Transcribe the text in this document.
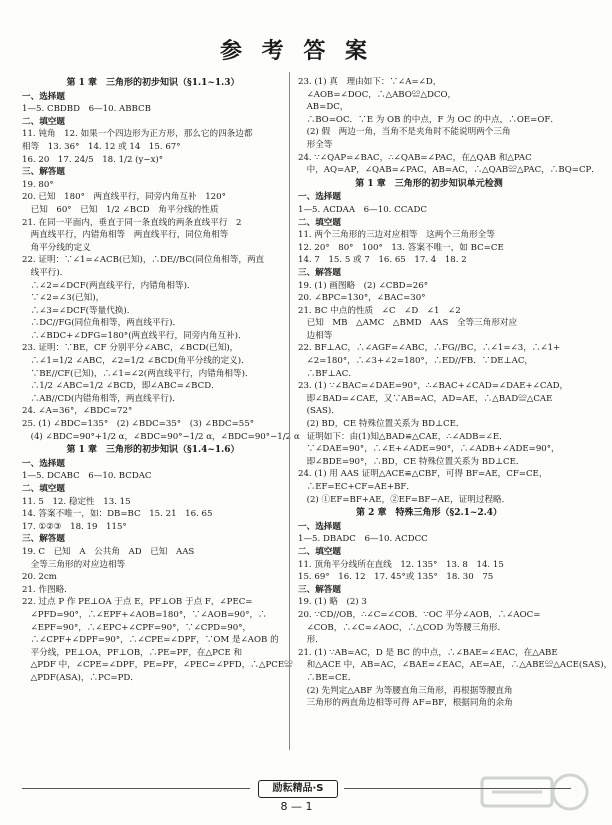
参 考 答 案
第 1 章　三角形的初步知识（§1.1~1.3）
一、选择题
1—5. CBDBD　6—10. ABBCB
二、填空题
11. 钝角　12. 如果一个四边形为正方形，那么它的四条边都
相等　13. 36°　14. 12 或 14　15. 67°
16. 20　17. 24/5　18. 1/2 (y−x)°
三、解答题
19. 80°
20. 已知　180°　两直线平行，同旁内角互补　120°
　已知　60°　已知　1/2 ∠BCD　角平分线的性质
21. 在同一平面内，垂直于同一条直线的两条直线平行　2
　两直线平行，内错角相等　两直线平行，同位角相等
　角平分线的定义
22. 证明：∵∠1=∠ACB(已知)，∴DE//BC(同位角相等，两直
　线平行)．
　∴∠2=∠DCF(两直线平行，内错角相等)．
　∵∠2=∠3(已知)，
　∴∠3=∠DCF(等量代换)．
　∴DC//FG(同位角相等，两直线平行)．
　∴∠BDC+∠DFG=180°(两直线平行，同旁内角互补)．
23. 证明：∵BE，CF 分别平分∠ABC，∠BCD(已知)，
　∴∠1=1/2 ∠ABC，∠2=1/2 ∠BCD(角平分线的定义)．
　∵BE//CF(已知)，∴∠1=∠2(两直线平行，内错角相等)．
　∴1/2 ∠ABC=1/2 ∠BCD，即∠ABC=∠BCD．
　∴AB//CD(内错角相等，两直线平行)．
24. ∠A=36°，∠BDC=72°
25. (1) ∠BDC=135°　(2) ∠BDC=35°　(3) ∠BDC=55°
　(4) ∠BDC=90°+1/2 α，∠BDC=90°−1/2 α，∠BDC=90°−1/2 α
第 1 章　三角形的初步知识（§1.4~1.6）
一、选择题
1—5. DCABC　6—10. BCDAC
二、填空题
11. 5　12. 稳定性　13. 15
14. 答案不唯一，如：DB=BC　15. 21　16. 65
17. ①②③　18. 19　115°
三、解答题
19. C　已知　A　公共角　AD　已知　AAS
　全等三角形的对应边相等
20. 2cm
21. 作图略．
22. 过点 P 作 PE⊥OA 于点 E，PF⊥OB 于点 F，∠PEC=
　∠PFD=90°，∴∠EPF+∠AOB=180°，∵∠AOB=90°，∴
　∠EPF=90°，∴∠EPC+∠CPF=90°，∵∠CPD=90°，
　∴∠CPF+∠DPF=90°，∴∠CPE=∠DPF，∵OM 是∠AOB 的
　平分线，PE⊥OA，PF⊥OB，∴PE=PF，在△PCE 和
　△PDF 中，∠CPE=∠DPF，PE=PF，∠PEC=∠PFD，∴△PCE≌
　△PDF(ASA)，∴PC=PD．
23. (1) 真　理由如下：∵∠A=∠D，
　∠AOB=∠DOC，∴△ABO≌△DCO，
　AB=DC，
　∴BO=OC．∵E 为 OB 的中点，F 为 OC 的中点，∴OE=OF．
　(2) 假　两边一角，当角不是夹角时不能说明两个三角
　形全等
24. ∵∠QAP=∠BAC，∴∠QAB=∠PAC，在△QAB 和△PAC
　中，AQ=AP，∠QAB=∠PAC，AB=AC，∴△QAB≌△PAC，∴BQ=CP．
第 1 章　三角形的初步知识单元检测
一、选择题
1—5. ACDAA　6—10. CCADC
二、填空题
11. 两个三角形的三边对应相等　这两个三角形全等
12. 20°　80°　100°　13. 答案不唯一，如 BC=CE
14. 7　15. 5 或 7　16. 65　17. 4　18. 2
三、解答题
19. (1) 画图略　(2) ∠CBD=26°
20. ∠BPC=130°，∠BAC=30°
21. BC 中点的性质　∠C　∠D　∠1　∠2
　已知　MB　△AMC　△BMD　AAS　全等三角形对应
　边相等
22. BF⊥AC，∴∠AGF=∠ABC，∴FG//BC，∴∠1=∠3，∴∠1+
　∠2=180°，∴∠3+∠2=180°，∴ED//FB．∵DE⊥AC，
　∴BF⊥AC．
23. (1) ∵∠BAC=∠DAE=90°，∴∠BAC+∠CAD=∠DAE+∠CAD，
　即∠BAD=∠CAE，又∵AB=AC，AD=AE，∴△BAD≌△CAE
　(SAS)．
　(2) BD，CE 特殊位置关系为 BD⊥CE．
　证明如下：由(1)知△BAD≌△CAE，∴∠ADB=∠E．
　∵∠DAE=90°，∴∠E+∠ADE=90°，∴∠ADB+∠ADE=90°，
　即∠BDE=90°，∴BD，CE 特殊位置关系为 BD⊥CE．
24. (1) 用 AAS 证明△ACE≌△CBF，可得 BF=AE，CF=CE，
　∴EF=EC+CF=AE+BF．
　(2) ①EF=BF+AE，②EF=BF−AE，证明过程略．
第 2 章　特殊三角形（§2.1~2.4）
一、选择题
1—5. DBADC　6—10. ACDCC
二、填空题
11. 顶角平分线所在直线　12. 135°　13. 8　14. 15
15. 69°　16. 12　17. 45°或 135°　18. 30　75
三、解答题
19. (1) 略　(2) 3
20. ∵CD//OB，∴∠C=∠COB．∵OC 平分∠AOB，∴∠AOC=
　∠COB，∴∠C=∠AOC，∴△COD 为等腰三角形．
　形．
21. (1) ∵AB=AC，D 是 BC 的中点，∴∠BAE=∠EAC，在△ABE
　和△ACE 中，AB=AC，∠BAE=∠EAC，AE=AE，∴△ABE≌△ACE(SAS)，
　∴BE=CE．
　(2) 先判定△ABF 为等腰直角三角形，再根据等腰直角
　三角形的两直角边相等可得 AF=BF，根据同角的余角
励耘精品·S
8 — 1
